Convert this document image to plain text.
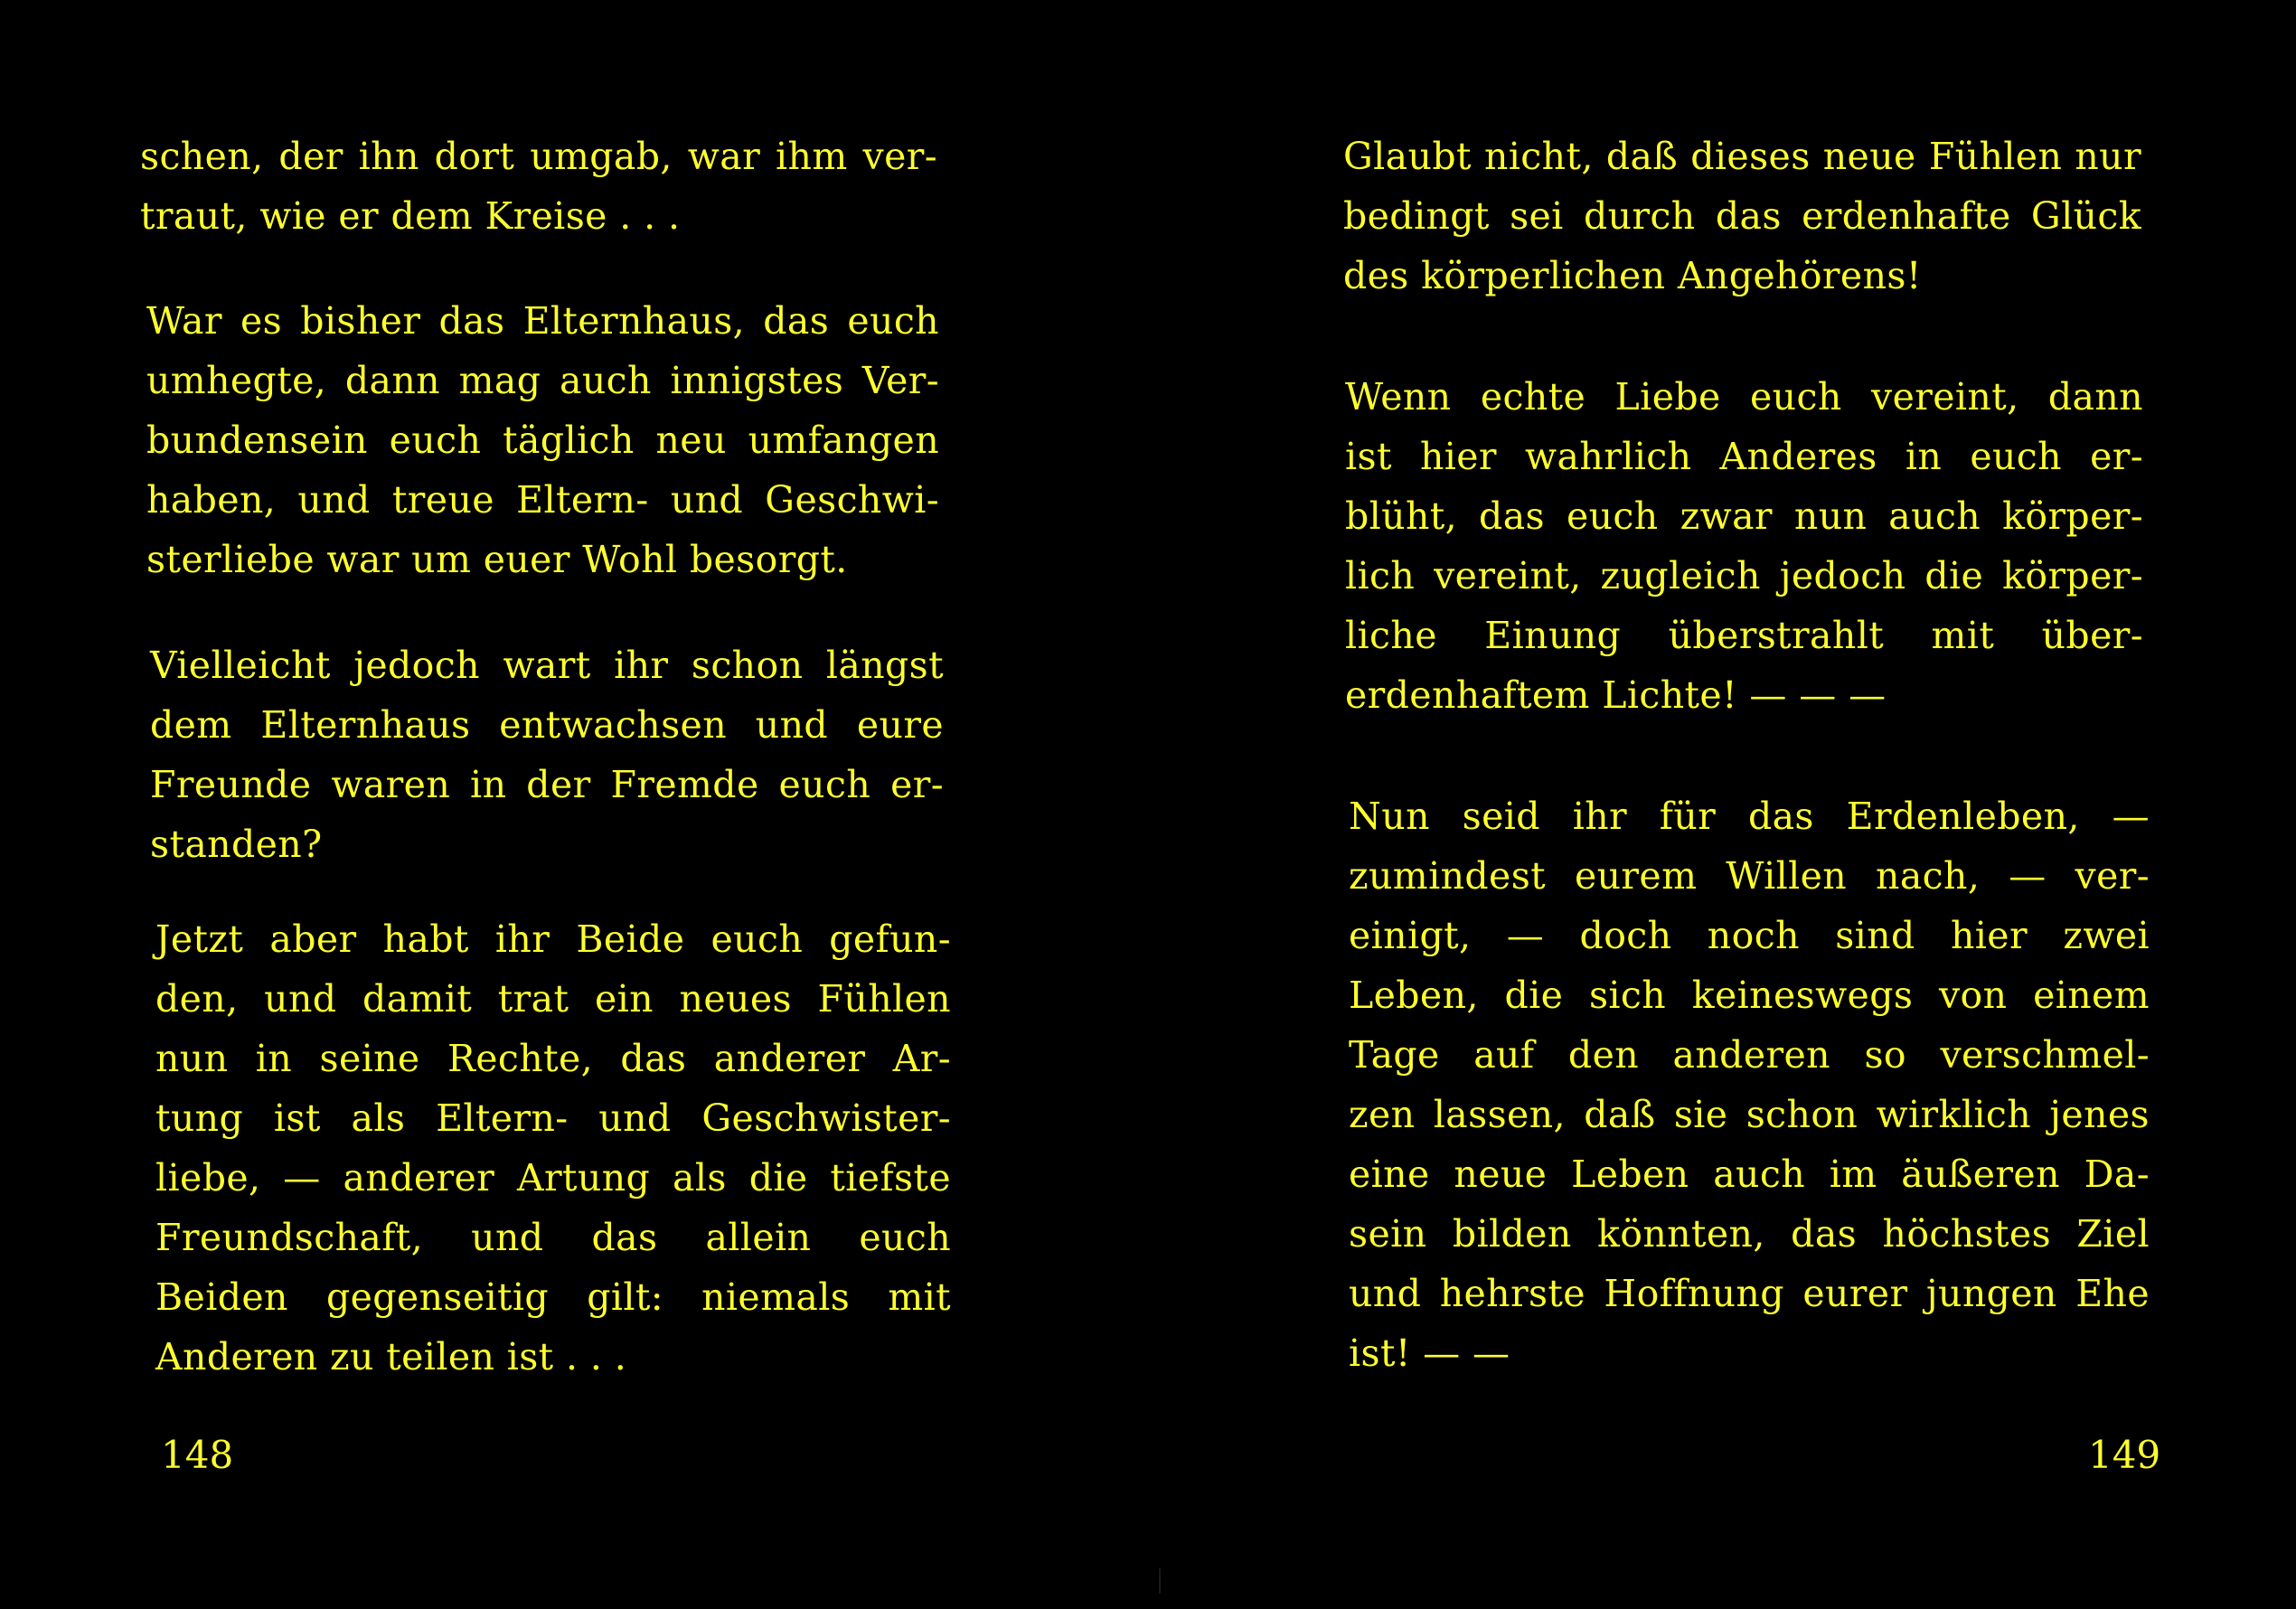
schen, der ihn dort umgab, war ihm ver-
traut, wie er dem Kreise . . .
War es bisher das Elternhaus, das euch
umhegte, dann mag auch innigstes Ver-
bundensein euch täglich neu umfangen
haben, und treue Eltern- und Geschwi-
sterliebe war um euer Wohl besorgt.
Vielleicht jedoch wart ihr schon längst
dem Elternhaus entwachsen und eure
Freunde waren in der Fremde euch er-
standen?
Jetzt aber habt ihr Beide euch gefun-
den, und damit trat ein neues Fühlen
nun in seine Rechte, das anderer Ar-
tung ist als Eltern- und Geschwister-
liebe, — anderer Artung als die tiefste
Freundschaft, und das allein euch
Beiden gegenseitig gilt: niemals mit
Anderen zu teilen ist . . .
148
Glaubt nicht, daß dieses neue Fühlen nur
bedingt sei durch das erdenhafte Glück
des körperlichen Angehörens!
Wenn echte Liebe euch vereint, dann
ist hier wahrlich Anderes in euch er-
blüht, das euch zwar nun auch körper-
lich vereint, zugleich jedoch die körper-
liche Einung überstrahlt mit über-
erdenhaftem Lichte! — — —
Nun seid ihr für das Erdenleben, —
zumindest eurem Willen nach, — ver-
einigt, — doch noch sind hier zwei
Leben, die sich keineswegs von einem
Tage auf den anderen so verschmel-
zen lassen, daß sie schon wirklich jenes
eine neue Leben auch im äußeren Da-
sein bilden könnten, das höchstes Ziel
und hehrste Hoffnung eurer jungen Ehe
ist! — —
149
